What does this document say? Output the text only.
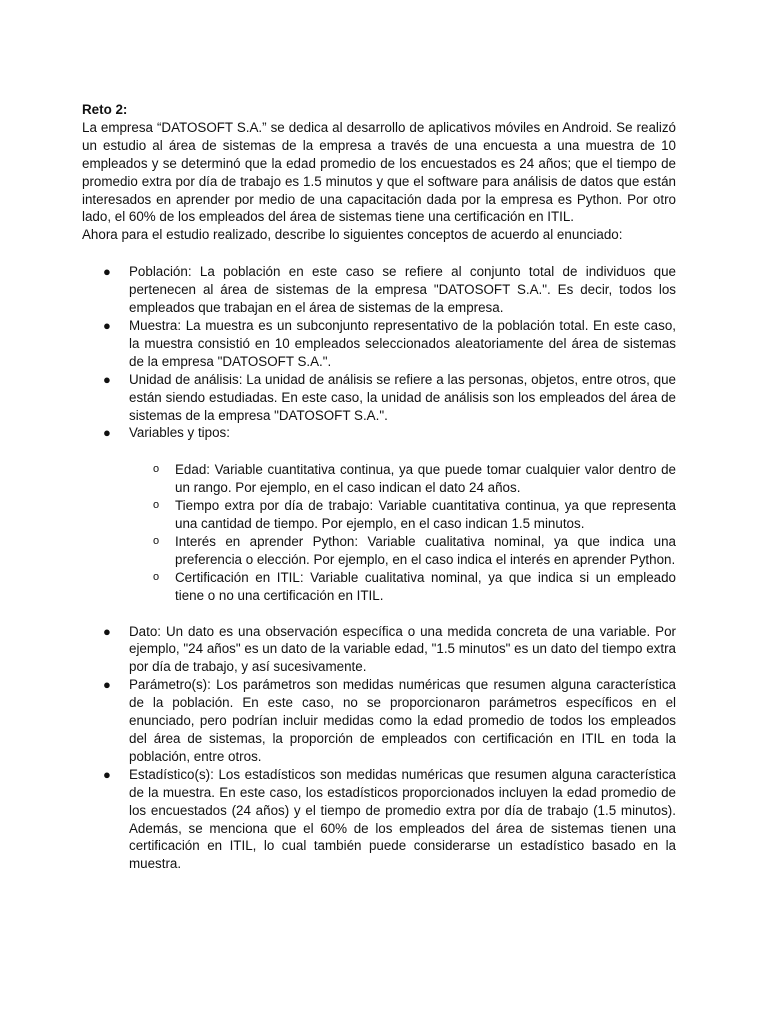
Reto 2:

La empresa “DATOSOFT S.A.” se dedica al desarrollo de aplicativos móviles en Android. Se realizó un estudio al área de sistemas de la empresa a través de una encuesta a una muestra de 10 empleados y se determinó que la edad promedio de los encuestados es 24 años; que el tiempo de promedio extra por día de trabajo es 1.5 minutos y que el software para análisis de datos que están interesados en aprender por medio de una capacitación dada por la empresa es Python. Por otro lado, el 60% de los empleados del área de sistemas tiene una certificación en ITIL.

Ahora para el estudio realizado, describe lo siguientes conceptos de acuerdo al enunciado:

● Población: La población en este caso se refiere al conjunto total de individuos que pertenecen al área de sistemas de la empresa "DATOSOFT S.A.". Es decir, todos los empleados que trabajan en el área de sistemas de la empresa.
● Muestra: La muestra es un subconjunto representativo de la población total. En este caso, la muestra consistió en 10 empleados seleccionados aleatoriamente del área de sistemas de la empresa "DATOSOFT S.A.".
● Unidad de análisis: La unidad de análisis se refiere a las personas, objetos, entre otros, que están siendo estudiadas. En este caso, la unidad de análisis son los empleados del área de sistemas de la empresa "DATOSOFT S.A.".
● Variables y tipos:
o Edad: Variable cuantitativa continua, ya que puede tomar cualquier valor dentro de un rango. Por ejemplo, en el caso indican el dato 24 años.
o Tiempo extra por día de trabajo: Variable cuantitativa continua, ya que representa una cantidad de tiempo. Por ejemplo, en el caso indican 1.5 minutos.
o Interés en aprender Python: Variable cualitativa nominal, ya que indica una preferencia o elección. Por ejemplo, en el caso indica el interés en aprender Python.
o Certificación en ITIL: Variable cualitativa nominal, ya que indica si un empleado tiene o no una certificación en ITIL.
● Dato: Un dato es una observación específica o una medida concreta de una variable. Por ejemplo, "24 años" es un dato de la variable edad, "1.5 minutos" es un dato del tiempo extra por día de trabajo, y así sucesivamente.
● Parámetro(s): Los parámetros son medidas numéricas que resumen alguna característica de la población. En este caso, no se proporcionaron parámetros específicos en el enunciado, pero podrían incluir medidas como la edad promedio de todos los empleados del área de sistemas, la proporción de empleados con certificación en ITIL en toda la población, entre otros.
● Estadístico(s): Los estadísticos son medidas numéricas que resumen alguna característica de la muestra. En este caso, los estadísticos proporcionados incluyen la edad promedio de los encuestados (24 años) y el tiempo de promedio extra por día de trabajo (1.5 minutos). Además, se menciona que el 60% de los empleados del área de sistemas tienen una certificación en ITIL, lo cual también puede considerarse un estadístico basado en la muestra.
